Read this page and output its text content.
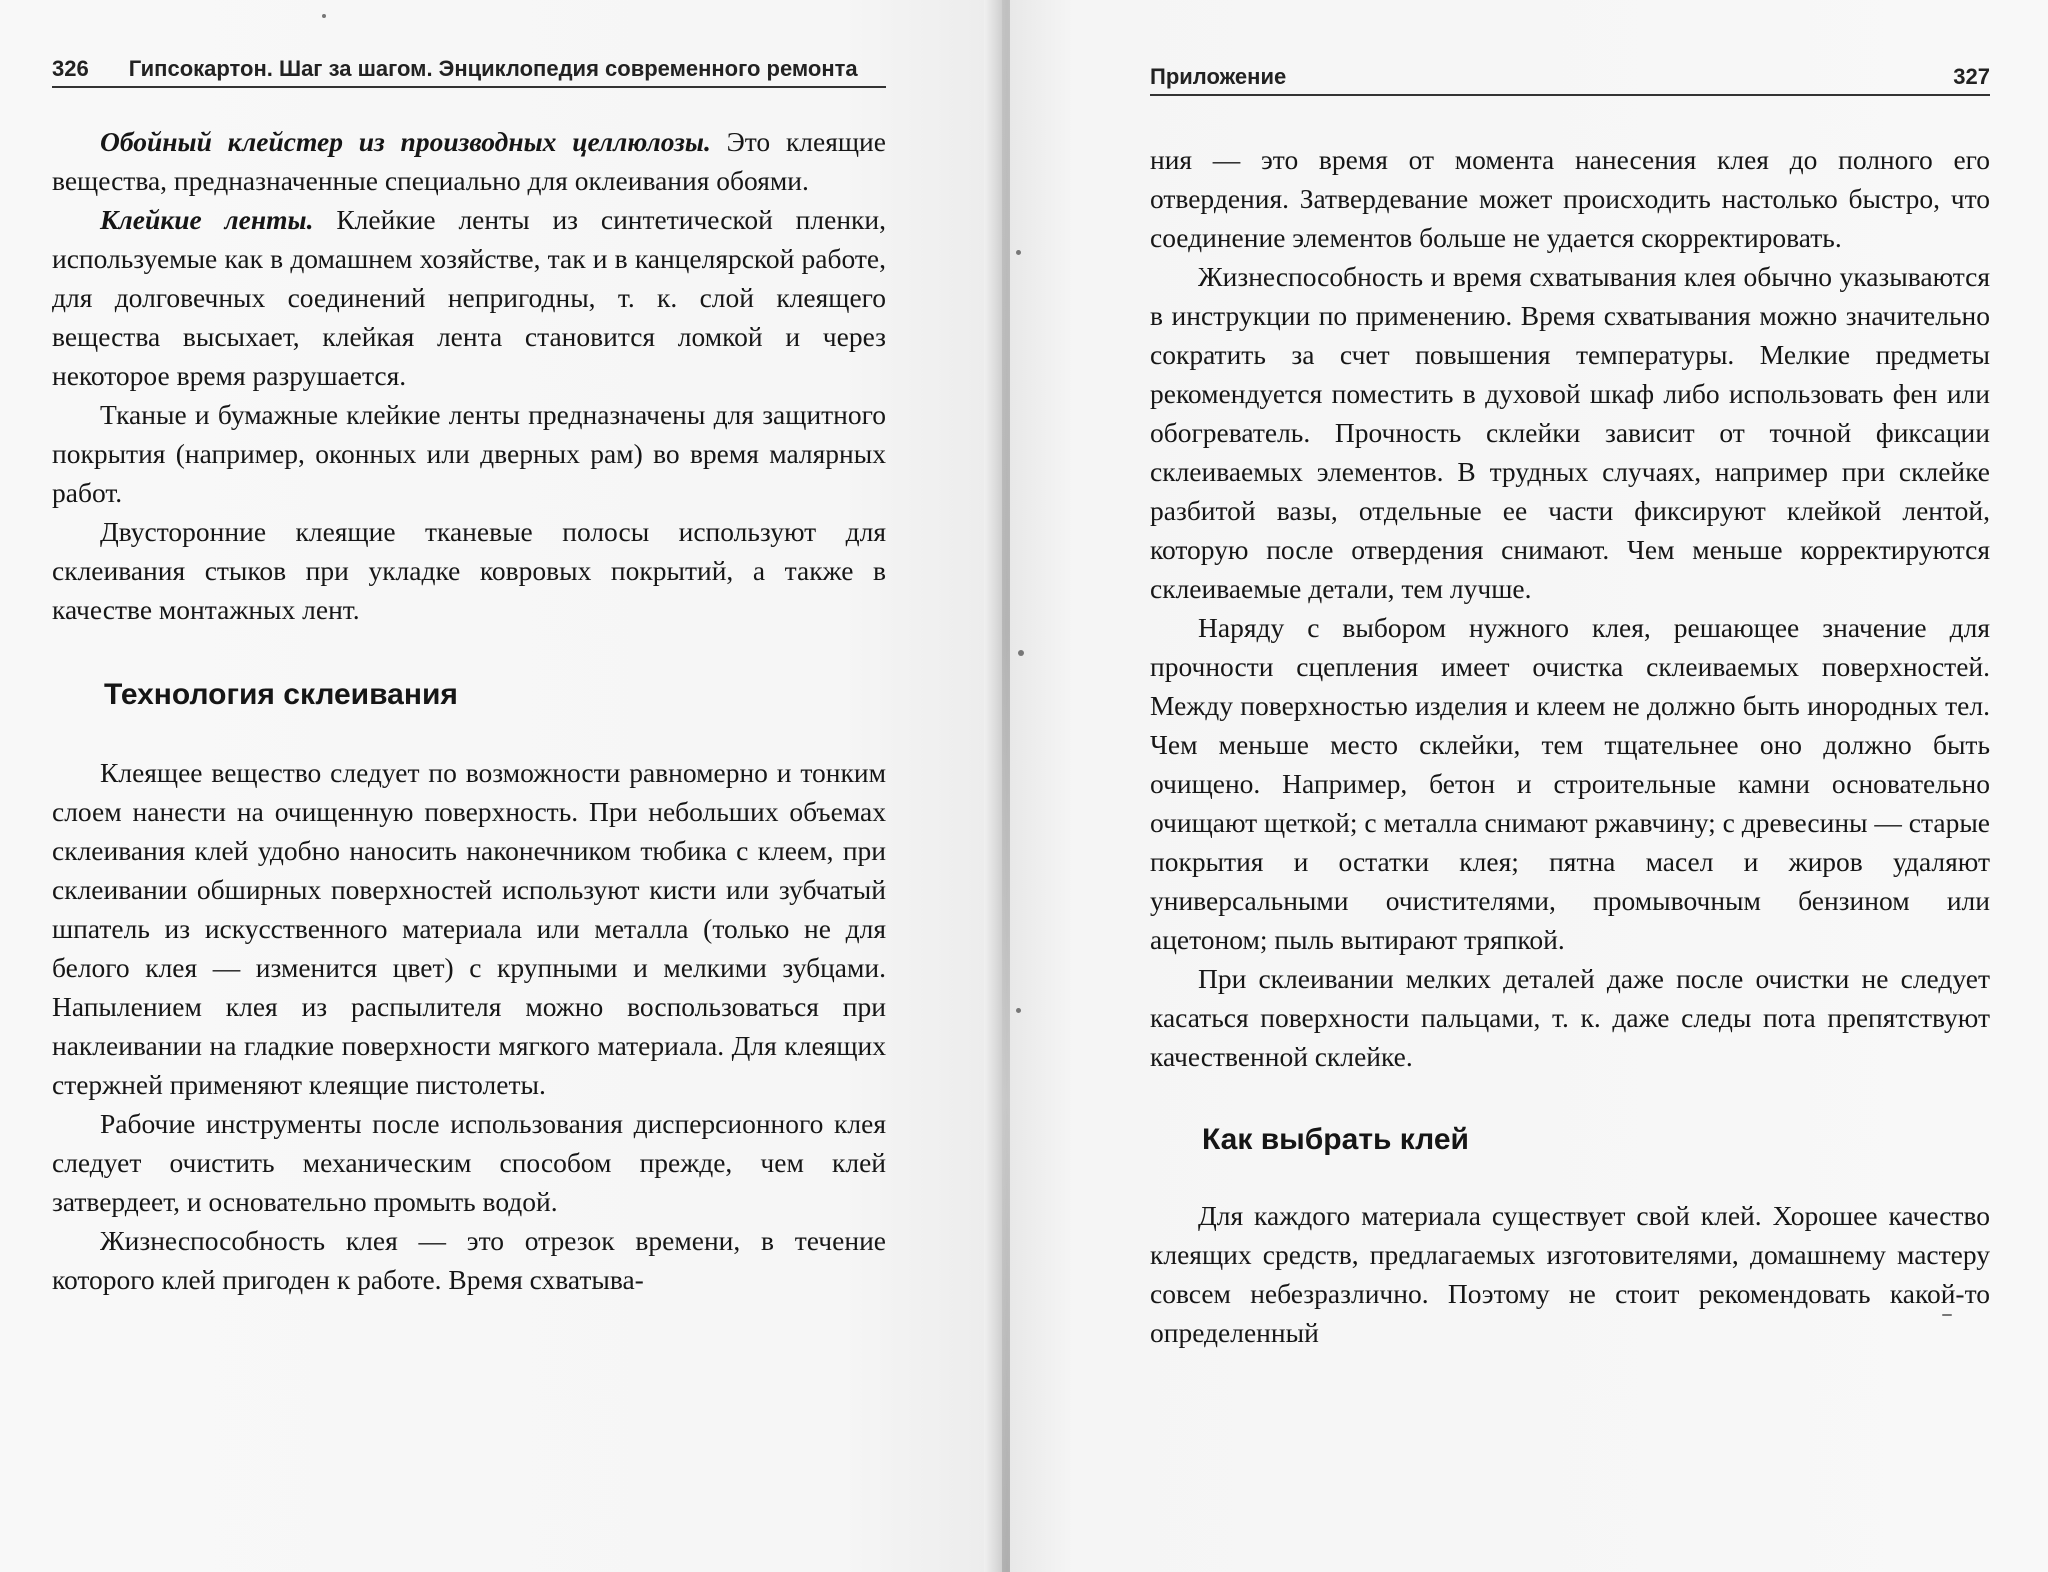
326 Гипсокартон. Шаг за шагом. Энциклопедия современного ремонта

Обойный клейстер из производных целлюлозы. Это клеящие вещества, предназначенные специально для оклеивания обоями.

Клейкие ленты. Клейкие ленты из синтетической пленки, используемые как в домашнем хозяйстве, так и в канцелярской работе, для долговечных соединений непригодны, т. к. слой клеящего вещества высыхает, клейкая лента становится ломкой и через некоторое время разрушается.

Тканые и бумажные клейкие ленты предназначены для защитного покрытия (например, оконных или дверных рам) во время малярных работ.

Двусторонние клеящие тканевые полосы используют для склеивания стыков при укладке ковровых покрытий, а также в качестве монтажных лент.

Технология склеивания

Клеящее вещество следует по возможности равномерно и тонким слоем нанести на очищенную поверхность. При небольших объемах склеивания клей удобно наносить наконечником тюбика с клеем, при склеивании обширных поверхностей используют кисти или зубчатый шпатель из искусственного материала или металла (только не для белого клея — изменится цвет) с крупными и мелкими зубцами. Напылением клея из распылителя можно воспользоваться при наклеивании на гладкие поверхности мягкого материала. Для клеящих стержней применяют клеящие пистолеты.

Рабочие инструменты после использования дисперсионного клея следует очистить механическим способом прежде, чем клей затвердеет, и основательно промыть водой.

Жизнеспособность клея — это отрезок времени, в течение которого клей пригоден к работе. Время схватыва-

Приложение	327

ния — это время от момента нанесения клея до полного его отвердения. Затвердевание может происходить настолько быстро, что соединение элементов больше не удается скорректировать.

Жизнеспособность и время схватывания клея обычно указываются в инструкции по применению. Время схватывания можно значительно сократить за счет повышения температуры. Мелкие предметы рекомендуется поместить в духовой шкаф либо использовать фен или обогреватель. Прочность склейки зависит от точной фиксации склеиваемых элементов. В трудных случаях, например при склейке разбитой вазы, отдельные ее части фиксируют клейкой лентой, которую после отвердения снимают. Чем меньше корректируются склеиваемые детали, тем лучше.

Наряду с выбором нужного клея, решающее значение для прочности сцепления имеет очистка склеиваемых поверхностей. Между поверхностью изделия и клеем не должно быть инородных тел. Чем меньше место склейки, тем тщательнее оно должно быть очищено. Например, бетон и строительные камни основательно очищают щеткой; с металла снимают ржавчину; с древесины — старые покрытия и остатки клея; пятна масел и жиров удаляют универсальными очистителями, промывочным бензином или ацетоном; пыль вытирают тряпкой.

При склеивании мелких деталей даже после очистки не следует касаться поверхности пальцами, т. к. даже следы пота препятствуют качественной склейке.

Как выбрать клей

Для каждого материала существует свой клей. Хорошее качество клеящих средств, предлагаемых изготовителями, домашнему мастеру совсем небезразлично. Поэтому не стоит рекомендовать какой-то определенный
